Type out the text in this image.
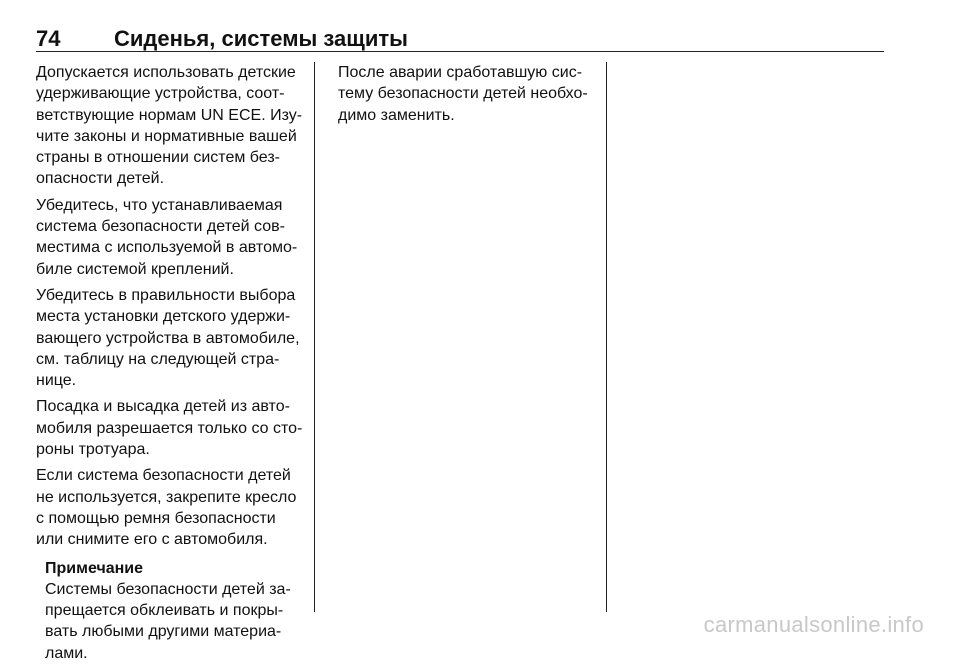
74	Сиденья, системы защиты

Допускается использовать детские
удерживающие устройства, соот-
ветствующие нормам UN ECE. Изу-
чите законы и нормативные вашей
страны в отношении систем без-
опасности детей.

Убедитесь, что устанавливаемая
система безопасности детей сов-
местима с используемой в автомо-
биле системой креплений.

Убедитесь в правильности выбора
места установки детского удержи-
вающего устройства в автомобиле,
см. таблицу на следующей стра-
нице.

Посадка и высадка детей из авто-
мобиля разрешается только со сто-
роны тротуара.

Если система безопасности детей
не используется, закрепите кресло
с помощью ремня безопасности
или снимите его с автомобиля.

Примечание

Системы безопасности детей за-
прещается обклеивать и покры-
вать любыми другими материа-
лами.

После аварии сработавшую сис-
тему безопасности детей необхо-
димо заменить.

carmanualsonline.info
